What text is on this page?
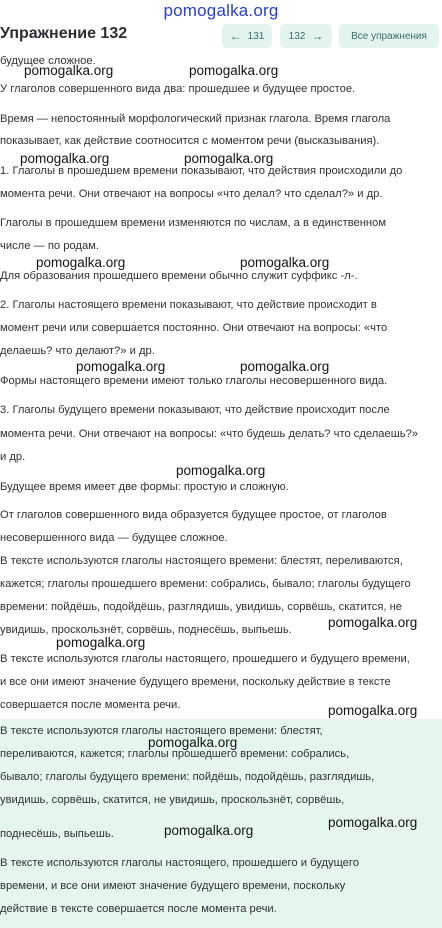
pomogalka.org
Упражнение 132	← 131 132 →	Все упражнения
будущее сложное.
У глаголов совершенного вида два: прошедшее и будущее простое.
Время — непостоянный морфологический признак глагола. Время глагола
показывает, как действие соотносится с моментом речи (высказывания).
1. Глаголы в прошедшем времени показывают, что действия происходили до
момента речи. Они отвечают на вопросы «что делал? что сделал?» и др.
Глаголы в прошедшем времени изменяются по числам, а в единственном
числе — по родам.
Для образования прошедшего времени обычно служит суффикс -л-.
2. Глаголы настоящего времени показывают, что действие происходит в
момент речи или совершается постоянно. Они отвечают на вопросы: «что
делаешь? что делают?» и др.
Формы настоящего времени имеют только глаголы несовершенного вида.
3. Глаголы будущего времени показывают, что действие происходит после
момента речи. Они отвечают на вопросы: «что будешь делать? что сделаешь?»
и др.
Будущее время имеет две формы: простую и сложную.
От глаголов совершенного вида образуется будущее простое, от глаголов
несовершенного вида — будущее сложное.
В тексте используются глаголы настоящего времени: блестят, переливаются,
кажется; глаголы прошедшего времени: собрались, бывало; глаголы будущего
времени: пойдёшь, подойдёшь, разглядишь, увидишь, сорвёшь, скатится, не
увидишь, проскользнёт, сорвёшь, поднесёшь, выпьешь.
В тексте используются глаголы настоящего, прошедшего и будущего времени,
и все они имеют значение будущего времени, поскольку действие в тексте
совершается после момента речи.
В тексте используются глаголы настоящего времени: блестят,
переливаются, кажется; глаголы прошедшего времени: собрались,
бывало; глаголы будущего времени: пойдёшь, подойдёшь, разглядишь,
увидишь, сорвёшь, скатится, не увидишь, проскользнёт, сорвёшь,
поднесёшь, выпьешь.
В тексте используются глаголы настоящего, прошедшего и будущего
времени, и все они имеют значение будущего времени, поскольку
действие в тексте совершается после момента речи.
pomogalka.org	pomogalka.org
pomogalka.org	pomogalka.org
pomogalka.org	pomogalka.org
pomogalka.org	pomogalka.org
pomogalka.org
pomogalka.org
pomogalka.org
pomogalka.org
pomogalka.org
pomogalka.org
pomogalka.org
